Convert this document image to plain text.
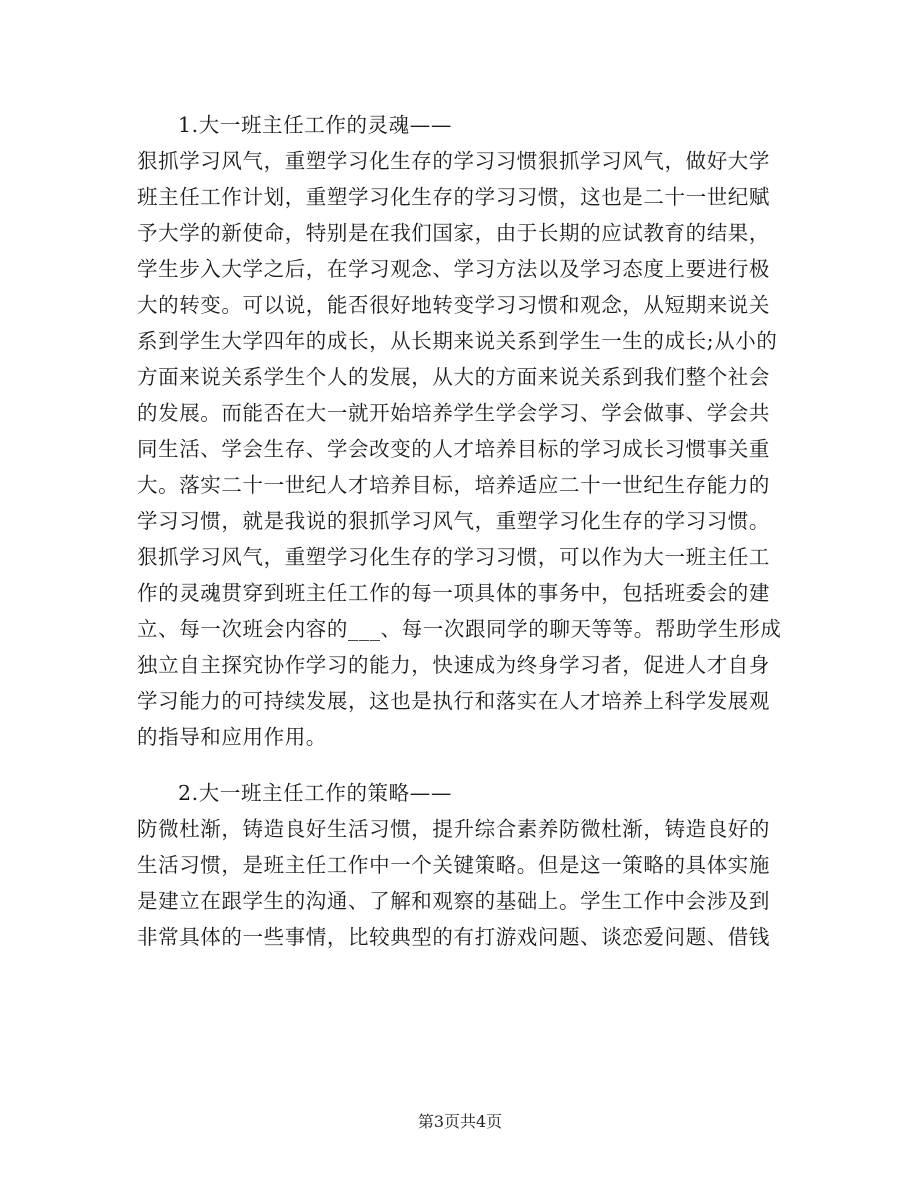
1.大一班主任工作的灵魂——
狠抓学习风气，重塑学习化生存的学习习惯狠抓学习风气，做好大学
班主任工作计划，重塑学习化生存的学习习惯，这也是二十一世纪赋
予大学的新使命，特别是在我们国家，由于长期的应试教育的结果，
学生步入大学之后，在学习观念、学习方法以及学习态度上要进行极
大的转变。可以说，能否很好地转变学习习惯和观念，从短期来说关
系到学生大学四年的成长，从长期来说关系到学生一生的成长;从小的
方面来说关系学生个人的发展，从大的方面来说关系到我们整个社会
的发展。而能否在大一就开始培养学生学会学习、学会做事、学会共
同生活、学会生存、学会改变的人才培养目标的学习成长习惯事关重
大。落实二十一世纪人才培养目标，培养适应二十一世纪生存能力的
学习习惯，就是我说的狠抓学习风气，重塑学习化生存的学习习惯。
狠抓学习风气，重塑学习化生存的学习习惯，可以作为大一班主任工
作的灵魂贯穿到班主任工作的每一项具体的事务中，包括班委会的建
立、每一次班会内容的___、每一次跟同学的聊天等等。帮助学生形成
独立自主探究协作学习的能力，快速成为终身学习者，促进人才自身
学习能力的可持续发展，这也是执行和落实在人才培养上科学发展观
的指导和应用作用。
2.大一班主任工作的策略——
防微杜渐，铸造良好生活习惯，提升综合素养防微杜渐，铸造良好的
生活习惯，是班主任工作中一个关键策略。但是这一策略的具体实施
是建立在跟学生的沟通、了解和观察的基础上。学生工作中会涉及到
非常具体的一些事情，比较典型的有打游戏问题、谈恋爱问题、借钱
第3页共4页
